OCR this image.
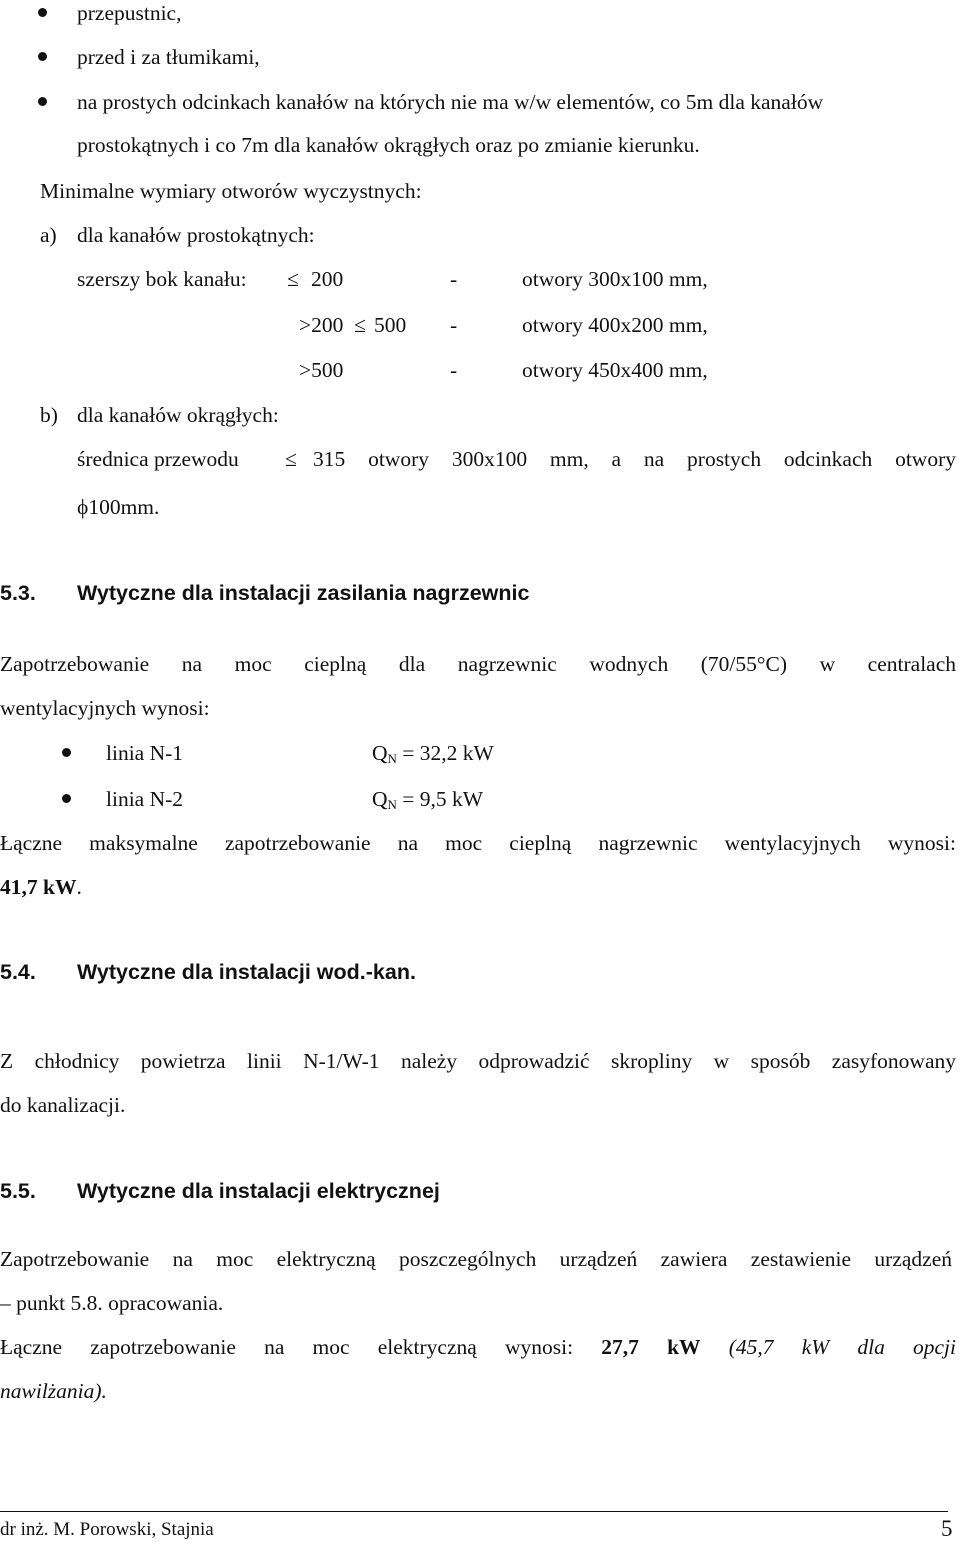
przepustnic,
przed i za tłumikami,
na prostych odcinkach kanałów na których nie ma w/w elementów, co 5m dla kanałów
prostokątnych i co 7m dla kanałów okrągłych oraz po zmianie kierunku.
Minimalne wymiary otworów wyczystnych:
a) dla kanałów prostokątnych:
szerszy bok kanału: ≤ 200	-	otwory 300x100 mm,
>200 ≤ 500 -	otwory 400x200 mm,
>500	-	otwory 450x400 mm,
b) dla kanałów okrągłych:
średnica przewodu ≤ 315 otwory 300x100 mm, a na prostych odcinkach otwory
ϕ100mm.
5.3. Wytyczne dla instalacji zasilania nagrzewnic
Zapotrzebowanie na moc cieplną dla nagrzewnic wodnych (70/55°C) w centralach
wentylacyjnych wynosi:
linia N-1	$Q_N = 32,2$ kW
linia N-2	$Q_N = 9,5$ kW
Łączne maksymalne zapotrzebowanie na moc cieplną nagrzewnic wentylacyjnych wynosi:
41,7 kW.
5.4. Wytyczne dla instalacji wod.-kan.
Z chłodnicy powietrza linii N-1/W-1 należy odprowadzić skropliny w sposób zasyfonowany
do kanalizacji.
5.5. Wytyczne dla instalacji elektrycznej
Zapotrzebowanie na moc elektryczną poszczególnych urządzeń zawiera zestawienie urządzeń
– punkt 5.8. opracowania.
Łączne zapotrzebowanie na moc elektryczną wynosi: 27,7 kW (45,7 kW dla opcji
nawilżania).
dr inż. M. Porowski, Stajnia	5
